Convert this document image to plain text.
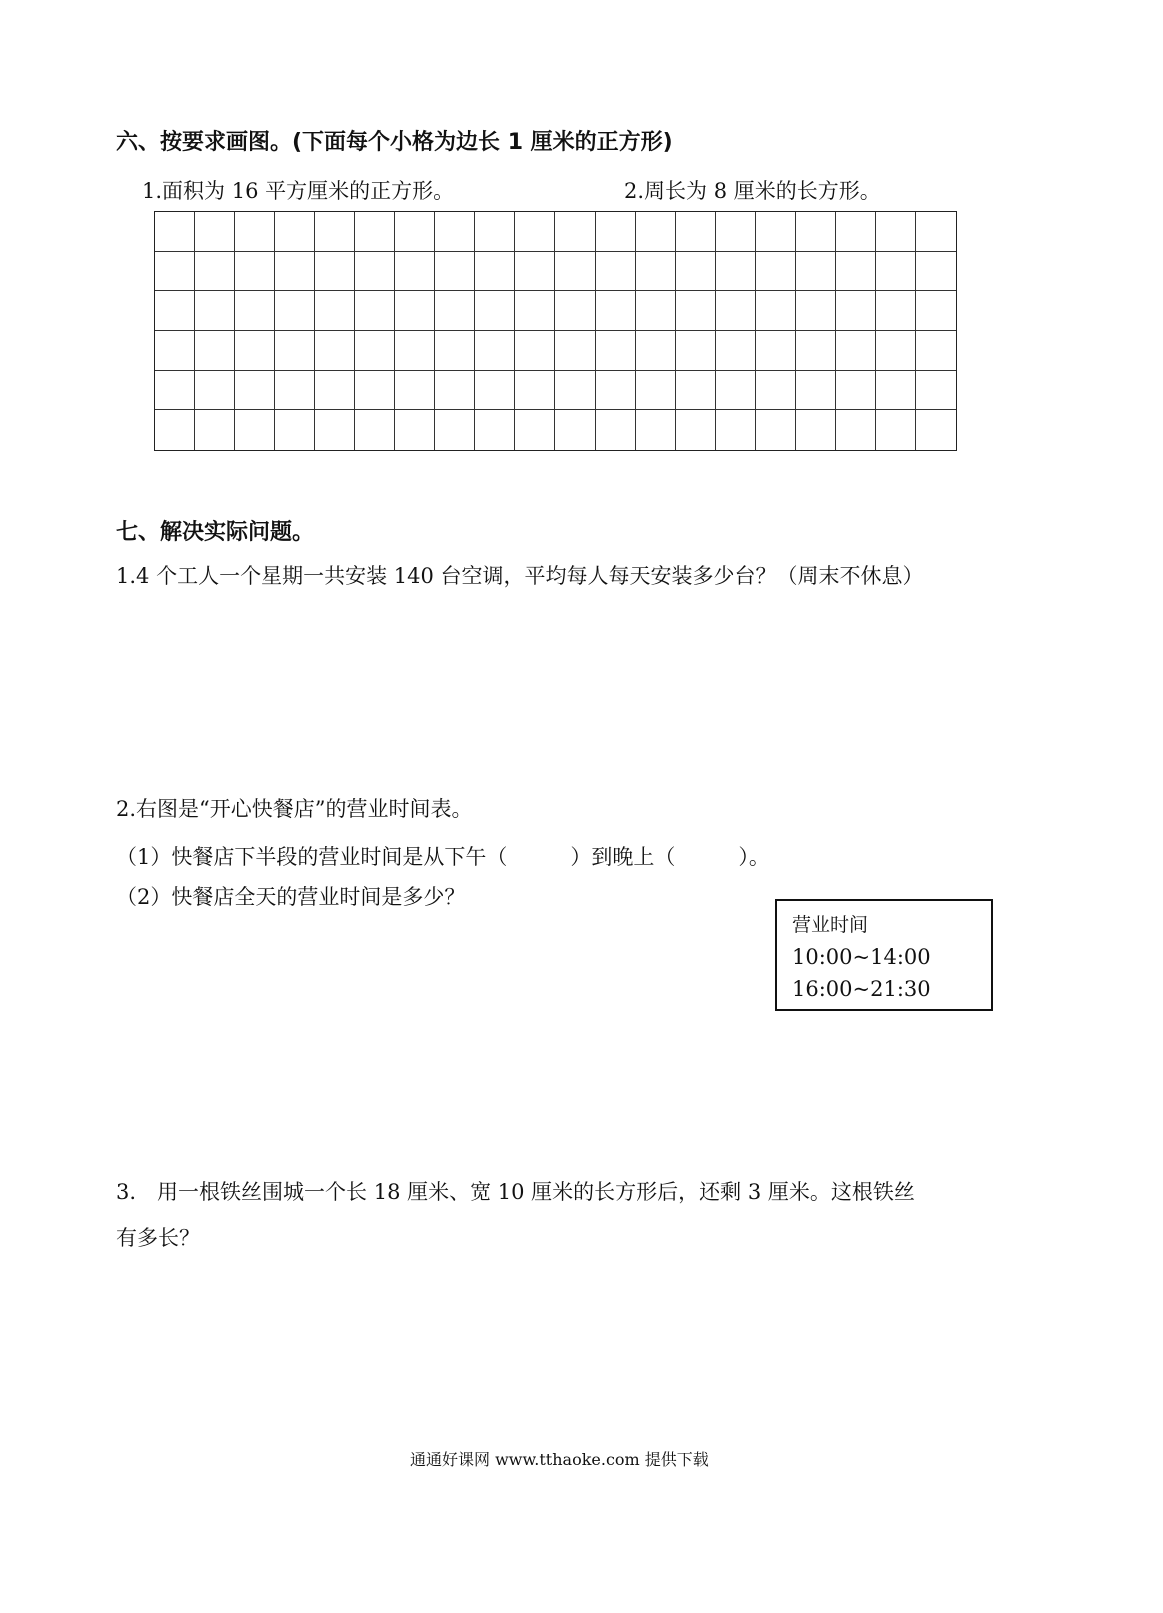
六、按要求画图。(下面每个小格为边长 1 厘米的正方形)
1.面积为 16 平方厘米的正方形。	2.周长为 8 厘米的长方形。
七、解决实际问题。
1.4 个工人一个星期一共安装 140 台空调，平均每人每天安装多少台？（周末不休息）
2.右图是“开心快餐店”的营业时间表。
（1）快餐店下半段的营业时间是从下午（　　　）到晚上（　　　）。
（2）快餐店全天的营业时间是多少？
营业时间
10:00~14:00
16:00~21:30
3.　用一根铁丝围城一个长 18 厘米、宽 10 厘米的长方形后，还剩 3 厘米。这根铁丝
有多长？
通通好课网 www.tthaoke.com 提供下载
